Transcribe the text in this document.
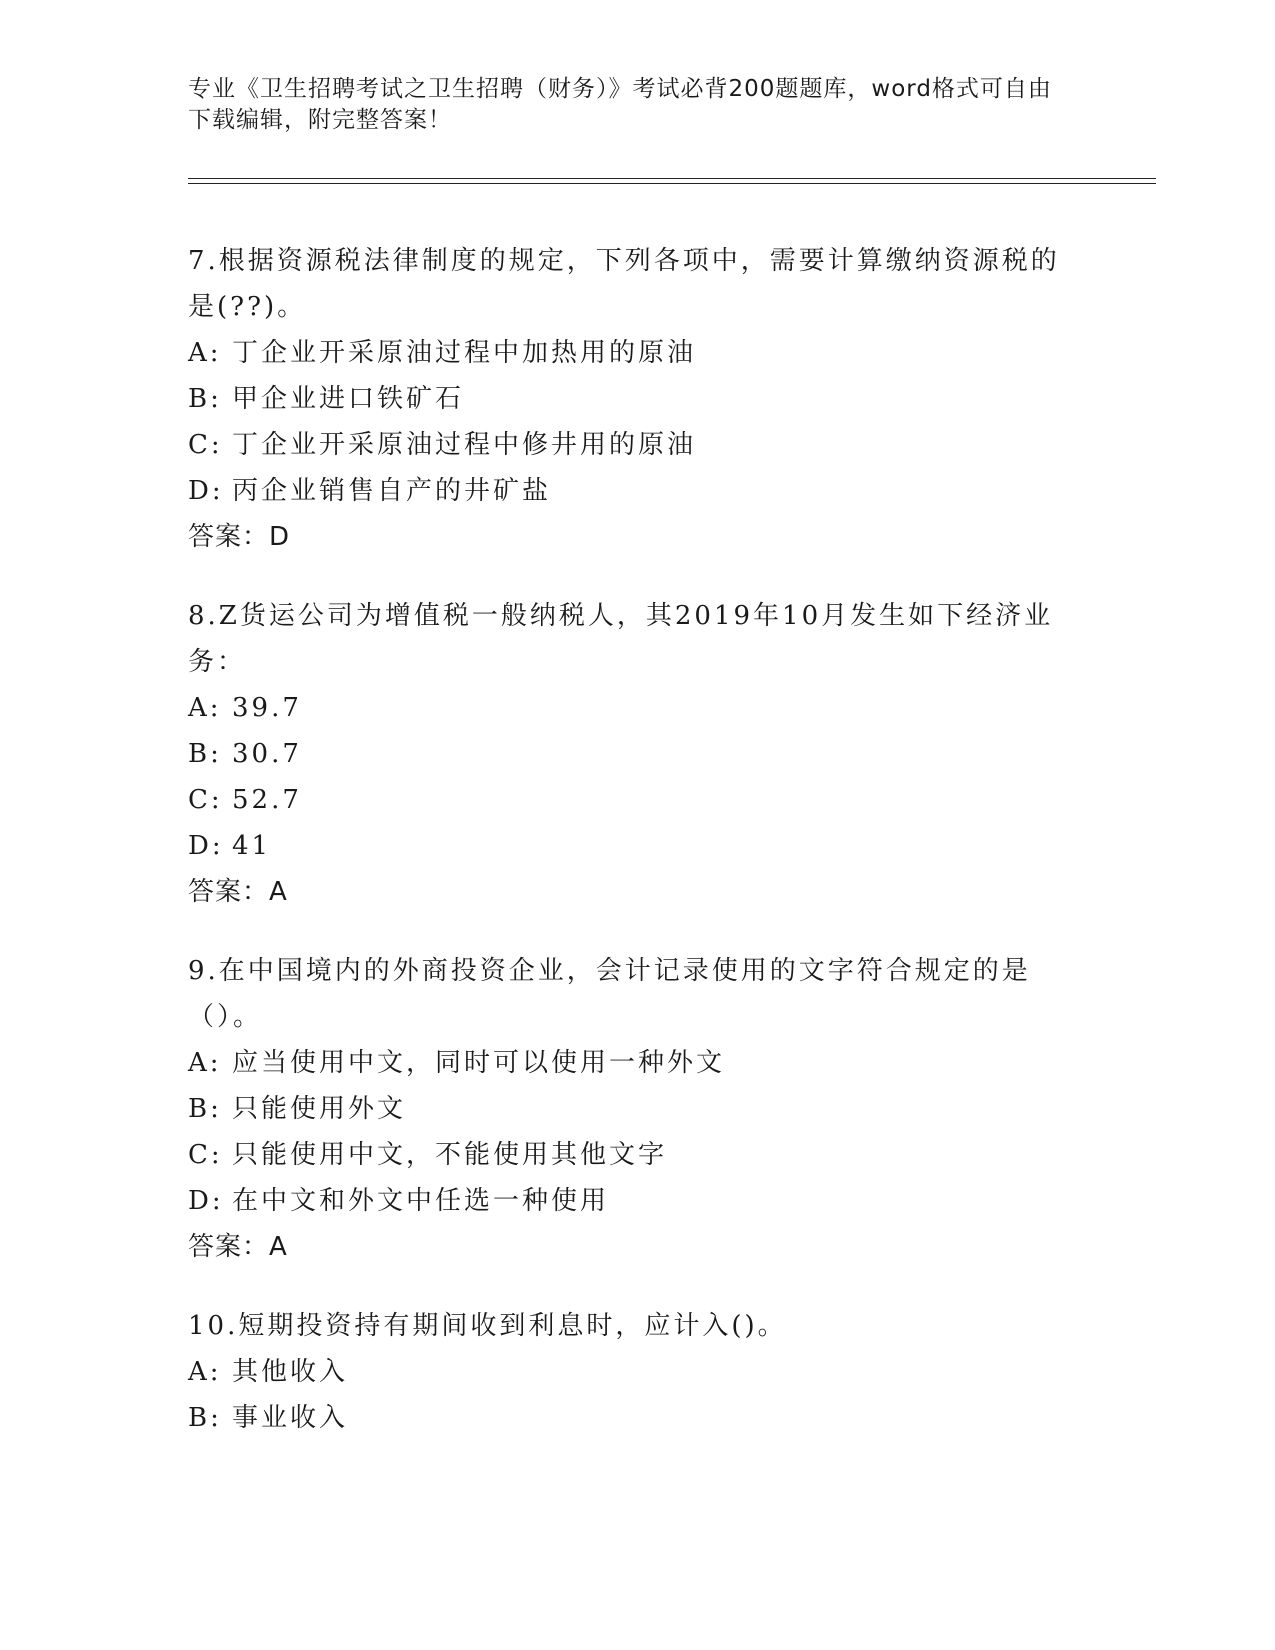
专业《卫生招聘考试之卫生招聘（财务）》考试必背200题题库，word格式可自由下载编辑，附完整答案！

7.根据资源税法律制度的规定，下列各项中，需要计算缴纳资源税的是(??)。

A: 丁企业开采原油过程中加热用的原油

B: 甲企业进口铁矿石

C: 丁企业开采原油过程中修井用的原油

D: 丙企业销售自产的井矿盐

答案：D

8.Z货运公司为增值税一般纳税人，其2019年10月发生如下经济业务：

A: 39.7

B: 30.7

C: 52.7

D: 41

答案：A

9.在中国境内的外商投资企业，会计记录使用的文字符合规定的是（）。

A: 应当使用中文，同时可以使用一种外文

B: 只能使用外文

C: 只能使用中文，不能使用其他文字

D: 在中文和外文中任选一种使用

答案：A

10.短期投资持有期间收到利息时，应计入()。

A: 其他收入

B: 事业收入
